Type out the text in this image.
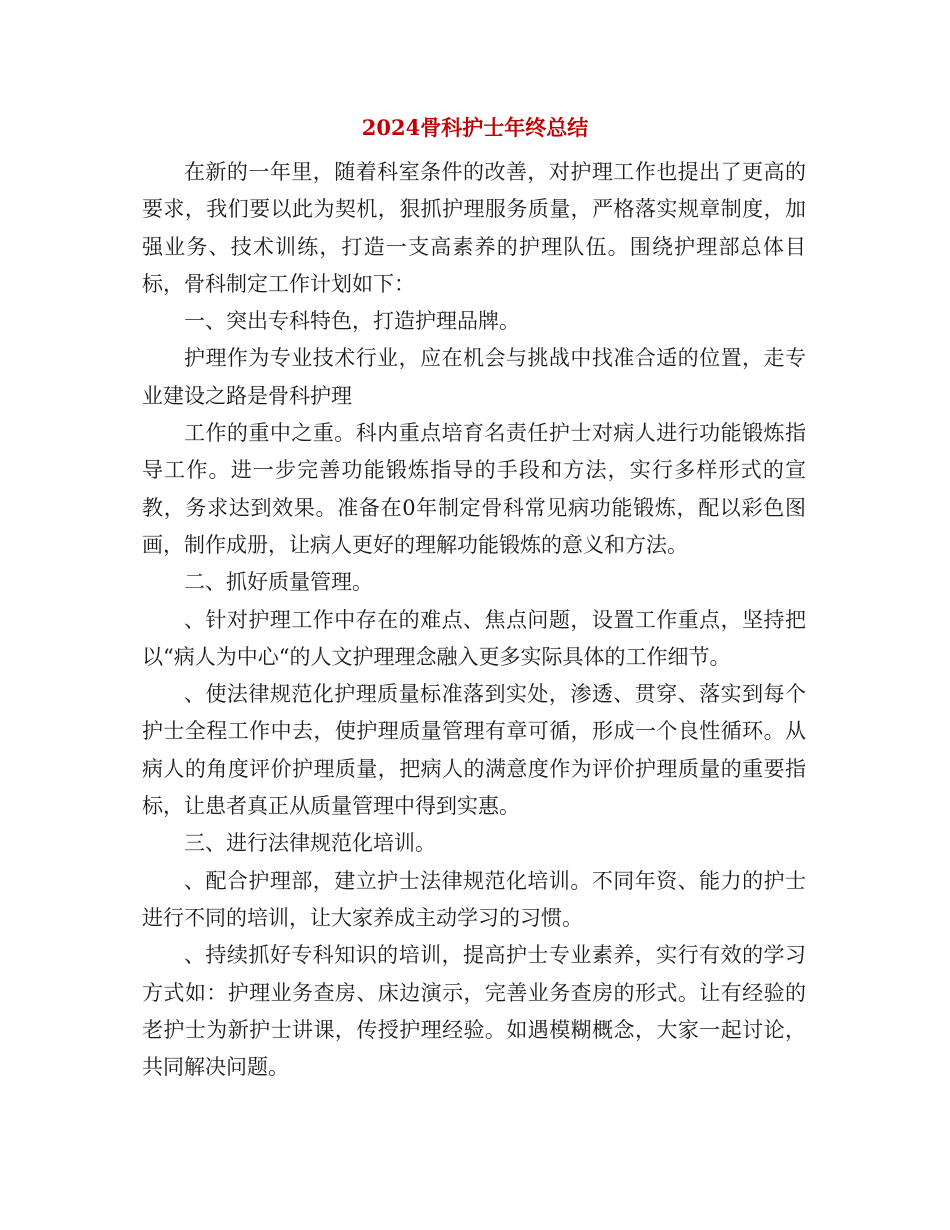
2024骨科护士年终总结

在新的一年里，随着科室条件的改善，对护理工作也提出了更高的要求，我们要以此为契机，狠抓护理服务质量，严格落实规章制度，加强业务、技术训练，打造一支高素养的护理队伍。围绕护理部总体目标，骨科制定工作计划如下：

一、突出专科特色，打造护理品牌。

护理作为专业技术行业，应在机会与挑战中找准合适的位置，走专业建设之路是骨科护理

工作的重中之重。科内重点培育名责任护士对病人进行功能锻炼指导工作。进一步完善功能锻炼指导的手段和方法，实行多样形式的宣教，务求达到效果。准备在0年制定骨科常见病功能锻炼，配以彩色图画，制作成册，让病人更好的理解功能锻炼的意义和方法。

二、抓好质量管理。

、针对护理工作中存在的难点、焦点问题，设置工作重点，坚持把以“病人为中心“的人文护理理念融入更多实际具体的工作细节。

、使法律规范化护理质量标准落到实处，渗透、贯穿、落实到每个护士全程工作中去，使护理质量管理有章可循，形成一个良性循环。从病人的角度评价护理质量，把病人的满意度作为评价护理质量的重要指标，让患者真正从质量管理中得到实惠。

三、进行法律规范化培训。

、配合护理部，建立护士法律规范化培训。不同年资、能力的护士进行不同的培训，让大家养成主动学习的习惯。

、持续抓好专科知识的培训，提高护士专业素养，实行有效的学习方式如：护理业务查房、床边演示，完善业务查房的形式。让有经验的老护士为新护士讲课，传授护理经验。如遇模糊概念，大家一起讨论，共同解决问题。
